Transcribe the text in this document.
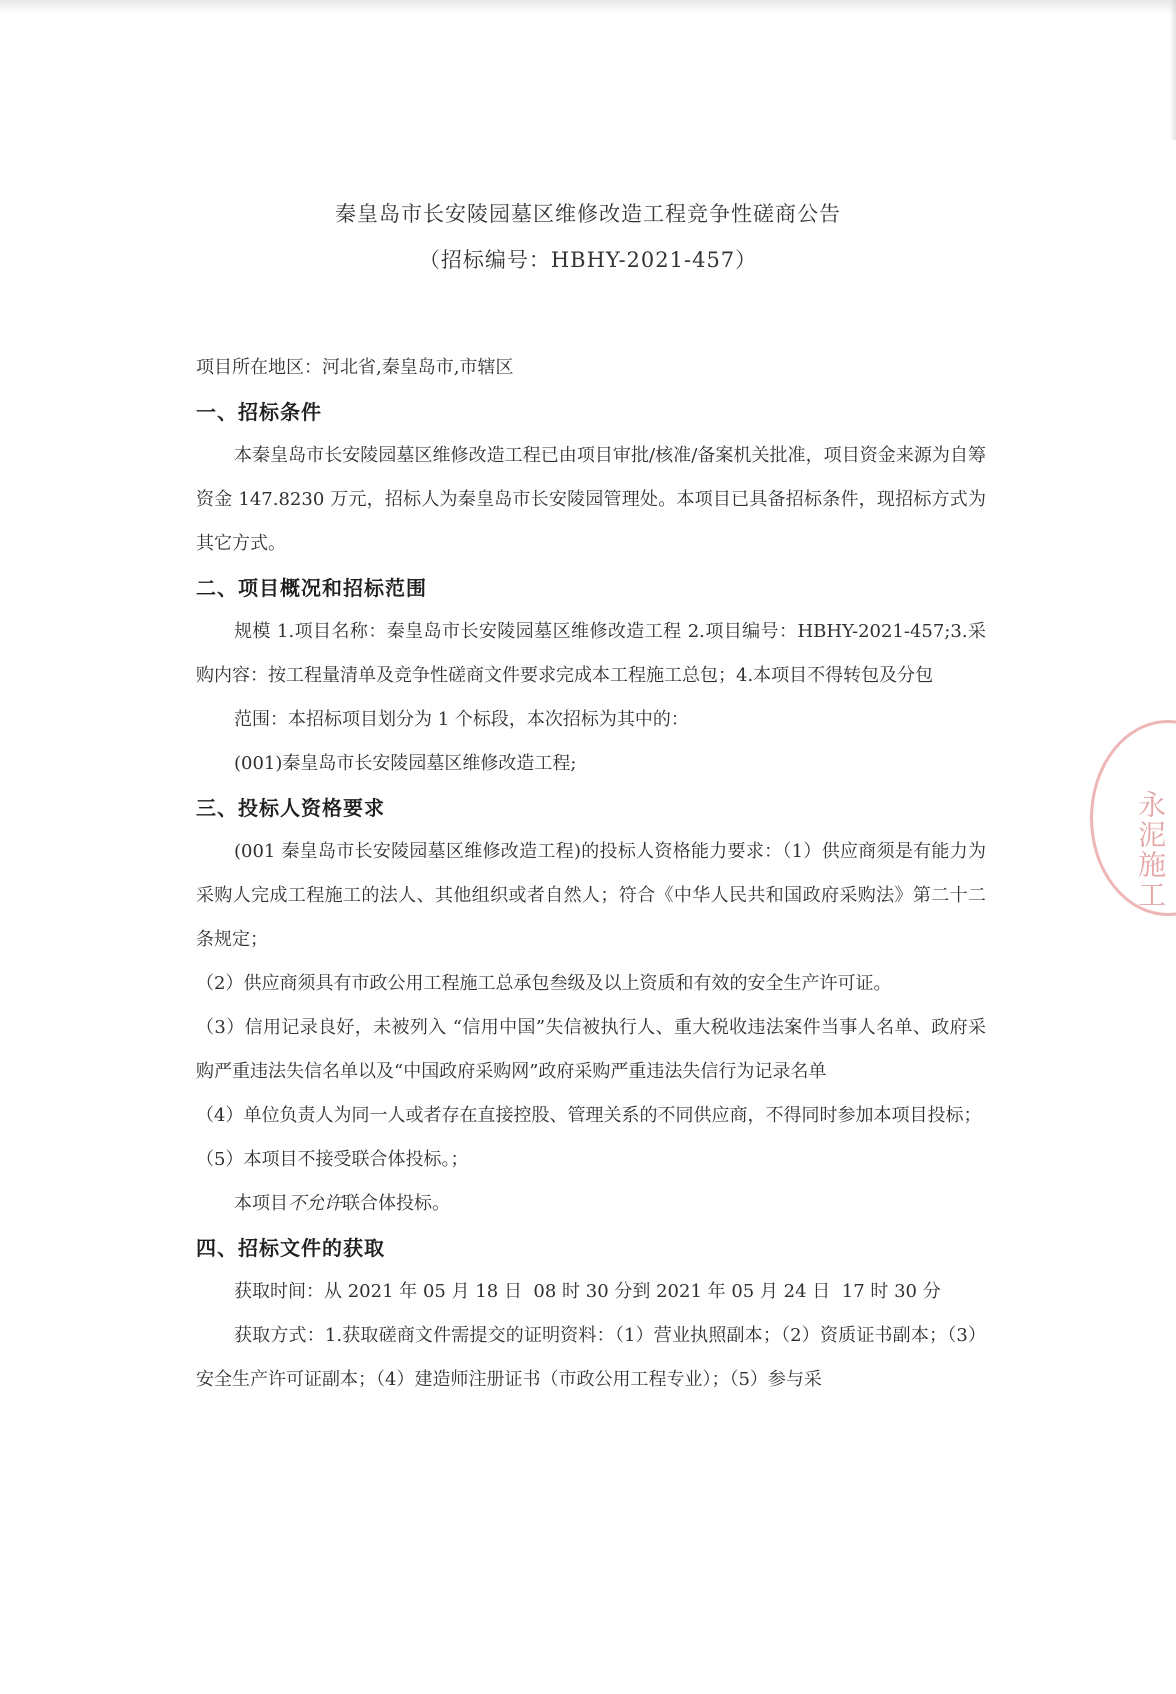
秦皇岛市长安陵园墓区维修改造工程竞争性磋商公告
（招标编号：HBHY-2021-457）
项目所在地区：河北省,秦皇岛市,市辖区
一、招标条件
本秦皇岛市长安陵园墓区维修改造工程已由项目审批/核准/备案机关批准，项目资金来源为自筹资金 147.8230 万元，招标人为秦皇岛市长安陵园管理处。本项目已具备招标条件，现招标方式为其它方式。
二、项目概况和招标范围
规模 1.项目名称：秦皇岛市长安陵园墓区维修改造工程 2.项目编号：HBHY-2021-457;3.采购内容：按工程量清单及竞争性磋商文件要求完成本工程施工总包；4.本项目不得转包及分包
范围：本招标项目划分为 1 个标段，本次招标为其中的：
(001)秦皇岛市长安陵园墓区维修改造工程;
三、投标人资格要求
(001 秦皇岛市长安陵园墓区维修改造工程)的投标人资格能力要求：（1）供应商须是有能力为采购人完成工程施工的法人、其他组织或者自然人；符合《中华人民共和国政府采购法》第二十二条规定；
（2）供应商须具有市政公用工程施工总承包叁级及以上资质和有效的安全生产许可证。
（3）信用记录良好，未被列入 “信用中国”失信被执行人、重大税收违法案件当事人名单、政府采购严重违法失信名单以及“中国政府采购网”政府采购严重违法失信行为记录名单
（4）单位负责人为同一人或者存在直接控股、管理关系的不同供应商，不得同时参加本项目投标；
（5）本项目不接受联合体投标。；
本项目不允许联合体投标。
四、招标文件的获取
获取时间：从 2021 年 05 月 18 日  08 时 30 分到 2021 年 05 月 24 日  17 时 30 分
获取方式：1.获取磋商文件需提交的证明资料：（1）营业执照副本；（2）资质证书副本；（3）安全生产许可证副本；（4）建造师注册证书（市政公用工程专业）；（5）参与采
永泥施工
